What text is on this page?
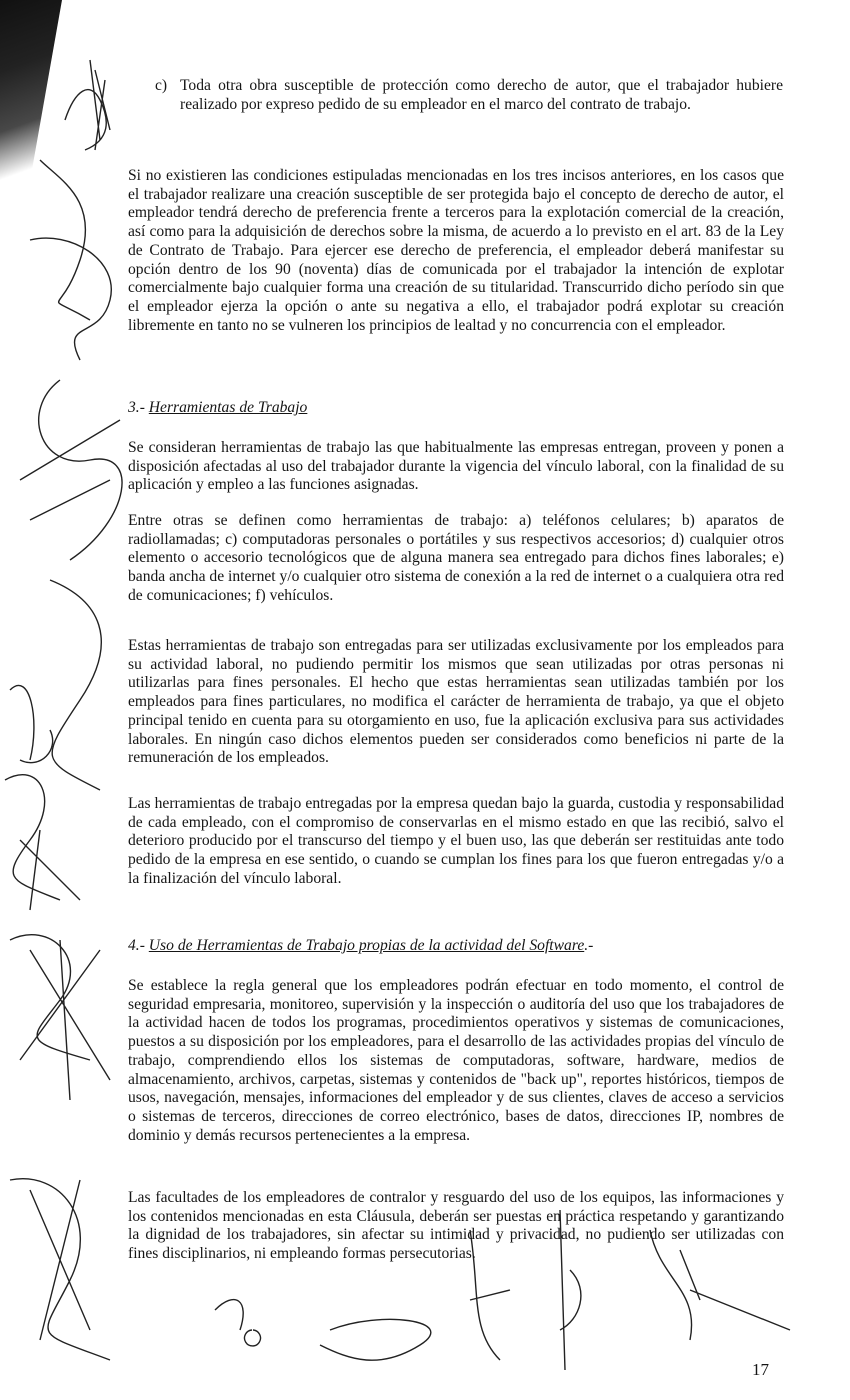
c) Toda otra obra susceptible de protección como derecho de autor, que el trabajador hubiere realizado por expreso pedido de su empleador en el marco del contrato de trabajo.

Si no existieren las condiciones estipuladas mencionadas en los tres incisos anteriores, en los casos que el trabajador realizare una creación susceptible de ser protegida bajo el concepto de derecho de autor, el empleador tendrá derecho de preferencia frente a terceros para la explotación comercial de la creación, así como para la adquisición de derechos sobre la misma, de acuerdo a lo previsto en el art. 83 de la Ley de Contrato de Trabajo. Para ejercer ese derecho de preferencia, el empleador deberá manifestar su opción dentro de los 90 (noventa) días de comunicada por el trabajador la intención de explotar comercialmente bajo cualquier forma una creación de su titularidad. Transcurrido dicho período sin que el empleador ejerza la opción o ante su negativa a ello, el trabajador podrá explotar su creación libremente en tanto no se vulneren los principios de lealtad y no concurrencia con el empleador.

3.- Herramientas de Trabajo

Se consideran herramientas de trabajo las que habitualmente las empresas entregan, proveen y ponen a disposición afectadas al uso del trabajador durante la vigencia del vínculo laboral, con la finalidad de su aplicación y empleo a las funciones asignadas.

Entre otras se definen como herramientas de trabajo: a) teléfonos celulares; b) aparatos de radiollamadas; c) computadoras personales o portátiles y sus respectivos accesorios; d) cualquier otros elemento o accesorio tecnológicos que de alguna manera sea entregado para dichos fines laborales; e) banda ancha de internet y/o cualquier otro sistema de conexión a la red de internet o a cualquiera otra red de comunicaciones; f) vehículos.

Estas herramientas de trabajo son entregadas para ser utilizadas exclusivamente por los empleados para su actividad laboral, no pudiendo permitir los mismos que sean utilizadas por otras personas ni utilizarlas para fines personales. El hecho que estas herramientas sean utilizadas también por los empleados para fines particulares, no modifica el carácter de herramienta de trabajo, ya que el objeto principal tenido en cuenta para su otorgamiento en uso, fue la aplicación exclusiva para sus actividades laborales. En ningún caso dichos elementos pueden ser considerados como beneficios ni parte de la remuneración de los empleados.

Las herramientas de trabajo entregadas por la empresa quedan bajo la guarda, custodia y responsabilidad de cada empleado, con el compromiso de conservarlas en el mismo estado en que las recibió, salvo el deterioro producido por el transcurso del tiempo y el buen uso, las que deberán ser restituidas ante todo pedido de la empresa en ese sentido, o cuando se cumplan los fines para los que fueron entregadas y/o a la finalización del vínculo laboral.

4.- Uso de Herramientas de Trabajo propias de la actividad del Software.-

Se establece la regla general que los empleadores podrán efectuar en todo momento, el control de seguridad empresaria, monitoreo, supervisión y la inspección o auditoría del uso que los trabajadores de la actividad hacen de todos los programas, procedimientos operativos y sistemas de comunicaciones, puestos a su disposición por los empleadores, para el desarrollo de las actividades propias del vínculo de trabajo, comprendiendo ellos los sistemas de computadoras, software, hardware, medios de almacenamiento, archivos, carpetas, sistemas y contenidos de "back up", reportes históricos, tiempos de usos, navegación, mensajes, informaciones del empleador y de sus clientes, claves de acceso a servicios o sistemas de terceros, direcciones de correo electrónico, bases de datos, direcciones IP, nombres de dominio y demás recursos pertenecientes a la empresa.

Las facultades de los empleadores de contralor y resguardo del uso de los equipos, las informaciones y los contenidos mencionadas en esta Cláusula, deberán ser puestas en práctica respetando y garantizando la dignidad de los trabajadores, sin afectar su intimidad y privacidad, no pudiendo ser utilizadas con fines disciplinarios, ni empleando formas persecutorias.

17
